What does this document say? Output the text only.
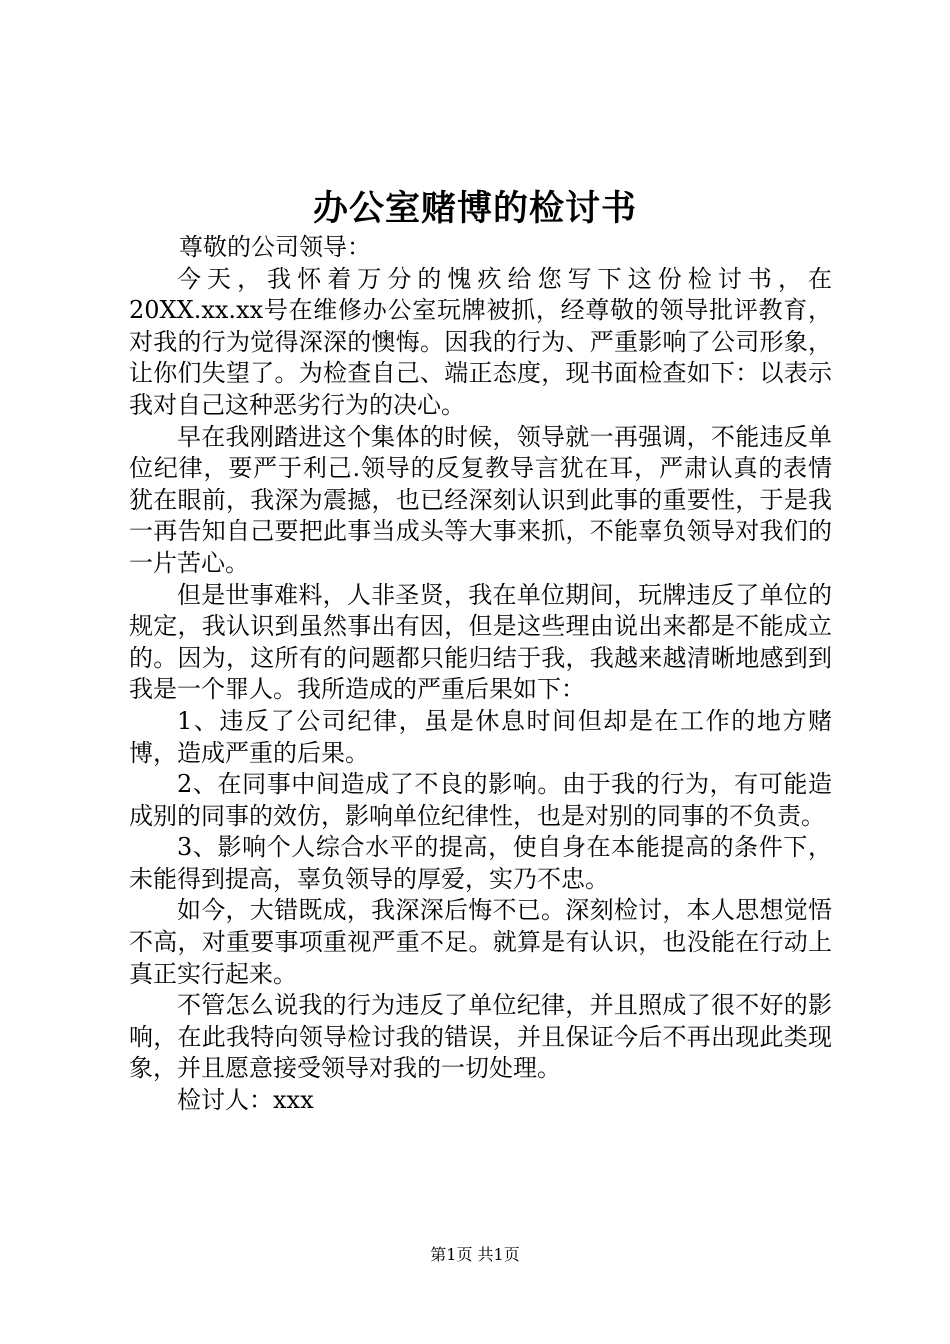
办公室赌博的检讨书

尊敬的公司领导：

今天，我怀着万分的愧疚给您写下这份检讨书，在20XX.xx.xx号在维修办公室玩牌被抓，经尊敬的领导批评教育，对我的行为觉得深深的懊悔。因我的行为、严重影响了公司形象，让你们失望了。为检查自己、端正态度，现书面检查如下：以表示我对自己这种恶劣行为的决心。

早在我刚踏进这个集体的时候，领导就一再强调，不能违反单位纪律，要严于利己.领导的反复教导言犹在耳，严肃认真的表情犹在眼前，我深为震撼，也已经深刻认识到此事的重要性，于是我一再告知自己要把此事当成头等大事来抓，不能辜负领导对我们的一片苦心。

但是世事难料，人非圣贤，我在单位期间，玩牌违反了单位的规定，我认识到虽然事出有因，但是这些理由说出来都是不能成立的。因为，这所有的问题都只能归结于我，我越来越清晰地感到到我是一个罪人。我所造成的严重后果如下：

1、违反了公司纪律，虽是休息时间但却是在工作的地方赌博，造成严重的后果。

2、在同事中间造成了不良的影响。由于我的行为，有可能造成别的同事的效仿，影响单位纪律性，也是对别的同事的不负责。

3、影响个人综合水平的提高，使自身在本能提高的条件下，未能得到提高，辜负领导的厚爱，实乃不忠。

如今，大错既成，我深深后悔不已。深刻检讨，本人思想觉悟不高，对重要事项重视严重不足。就算是有认识，也没能在行动上真正实行起来。

不管怎么说我的行为违反了单位纪律，并且照成了很不好的影响，在此我特向领导检讨我的错误，并且保证今后不再出现此类现象，并且愿意接受领导对我的一切处理。

检讨人：xxx

第1页 共1页
